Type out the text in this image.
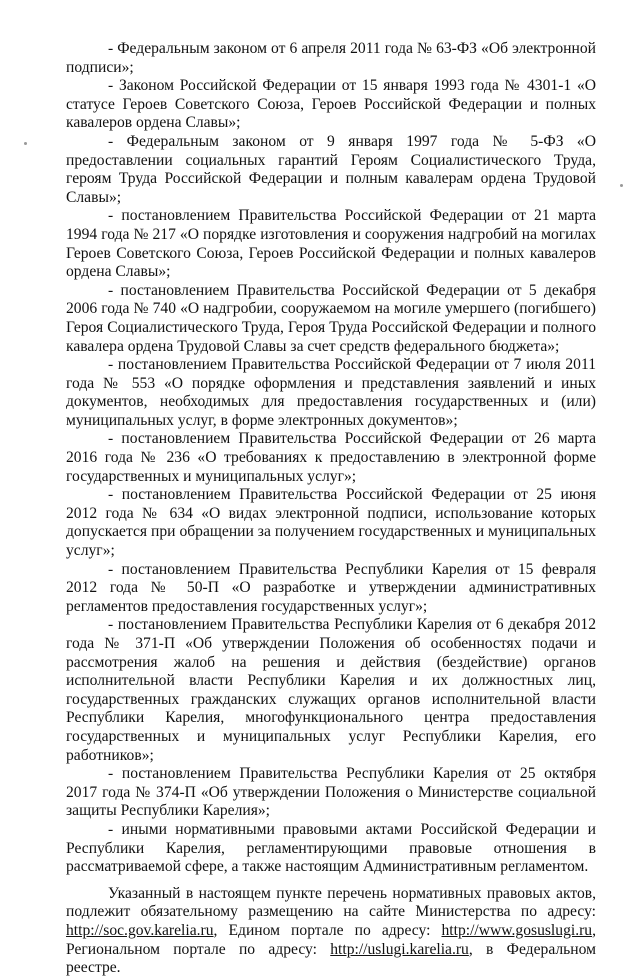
- Федеральным законом от 6 апреля 2011 года № 63-ФЗ «Об электронной подписи»;

- Законом Российской Федерации от 15 января 1993 года № 4301-1 «О статусе Героев Советского Союза, Героев Российской Федерации и полных кавалеров ордена Славы»;

- Федеральным законом от 9 января 1997 года № 5-ФЗ «О предоставлении социальных гарантий Героям Социалистического Труда, героям Труда Российской Федерации и полным кавалерам ордена Трудовой Славы»;

- постановлением Правительства Российской Федерации от 21 марта 1994 года № 217 «О порядке изготовления и сооружения надгробий на могилах Героев Советского Союза, Героев Российской Федерации и полных кавалеров ордена Славы»;

- постановлением Правительства Российской Федерации от 5 декабря 2006 года № 740 «О надгробии, сооружаемом на могиле умершего (погибшего) Героя Социалистического Труда, Героя Труда Российской Федерации и полного кавалера ордена Трудовой Славы за счет средств федерального бюджета»;

- постановлением Правительства Российской Федерации от 7 июля 2011 года № 553 «О порядке оформления и представления заявлений и иных документов, необходимых для предоставления государственных и (или) муниципальных услуг, в форме электронных документов»;

- постановлением Правительства Российской Федерации от 26 марта 2016 года № 236 «О требованиях к предоставлению в электронной форме государственных и муниципальных услуг»;

- постановлением Правительства Российской Федерации от 25 июня 2012 года № 634 «О видах электронной подписи, использование которых допускается при обращении за получением государственных и муниципальных услуг»;

- постановлением Правительства Республики Карелия от 15 февраля 2012 года № 50-П «О разработке и утверждении административных регламентов предоставления государственных услуг»;

- постановлением Правительства Республики Карелия от 6 декабря 2012 года № 371-П «Об утверждении Положения об особенностях подачи и рассмотрения жалоб на решения и действия (бездействие) органов исполнительной власти Республики Карелия и их должностных лиц, государственных гражданских служащих органов исполнительной власти Республики Карелия, многофункционального центра предоставления государственных и муниципальных услуг Республики Карелия, его работников»;

- постановлением Правительства Республики Карелия от 25 октября 2017 года № 374-П «Об утверждении Положения о Министерстве социальной защиты Республики Карелия»;

- иными нормативными правовыми актами Российской Федерации и Республики Карелия, регламентирующими правовые отношения в рассматриваемой сфере, а также настоящим Административным регламентом.

Указанный в настоящем пункте перечень нормативных правовых актов, подлежит обязательному размещению на сайте Министерства по адресу: http://soc.gov.karelia.ru, Едином портале по адресу: http://www.gosuslugi.ru, Региональном портале по адресу: http://uslugi.karelia.ru, в Федеральном реестре.
